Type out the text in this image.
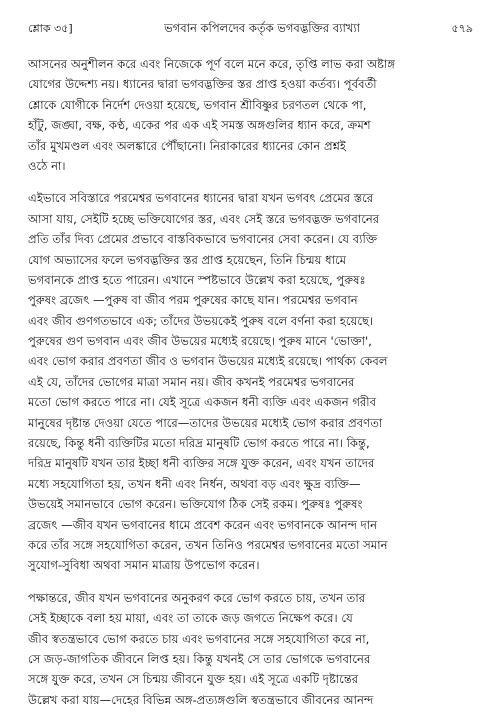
শ্লোক ৩৫]	ভগবান কপিলদেব কর্তৃক ভগবদ্ভক্তির ব্যাখ্যা	৫৭৯
আসনের অনুশীলন করে এবং নিজেকে পূর্ণ বলে মনে করে, তৃপ্তি লাভ করা অষ্টাঙ্গ
যোগের উদ্দেশ্য নয়। ধ্যানের দ্বারা ভগবদ্ভক্তির স্তর প্রাপ্ত হওয়া কর্তব্য। পূর্ববর্তী
শ্লোকে যোগীকে নির্দেশ দেওয়া হয়েছে, ভগবান শ্রীবিষ্ণুর চরণতল থেকে পা,
হাঁটু, জঙ্ঘা, বক্ষ, কণ্ঠ, একের পর এক এই সমস্ত অঙ্গগুলির ধ্যান করে, ক্রমশ
তাঁর মুখমণ্ডল এবং অলঙ্কারে পৌঁছানো। নিরাকারের ধ্যানের কোন প্রশ্নই
ওঠে না।
এইভাবে সবিস্তারে পরমেশ্বর ভগবানের ধ্যানের দ্বারা যখন ভগবৎ প্রেমের স্তরে
আসা যায়, সেইটি হচ্ছে ভক্তিযোগের স্তর, এবং সেই স্তরে ভগবদ্ভক্ত ভগবানের
প্রতি তাঁর দিব্য প্রেমের প্রভাবে বাস্তবিকভাবে ভগবানের সেবা করেন। যে ব্যক্তি
যোগ অভ্যাসের ফলে ভগবদ্ভক্তির স্তর প্রাপ্ত হয়েছেন, তিনি চিন্ময় ধামে
ভগবানকে প্রাপ্ত হতে পারেন। এখানে স্পষ্টভাবে উল্লেখ করা হয়েছে, পুরুষঃ
পুরুষং ব্রজেৎ —পুরুষ বা জীব পরম পুরুষের কাছে যান। পরমেশ্বর ভগবান
এবং জীব গুণগতভাবে এক; তাঁদের উভয়কেই পুরুষ বলে বর্ণনা করা হয়েছে।
পুরুষের গুণ ভগবান এবং জীব উভয়ের মধ্যেই রয়েছে। পুরুষ মানে 'ভোক্তা',
এবং ভোগ করার প্রবণতা জীব ও ভগবান উভয়ের মধ্যেই রয়েছে। পার্থক্য কেবল
এই যে, তাঁদের ভোগের মাত্রা সমান নয়। জীব কখনই পরমেশ্বর ভগবানের
মতো ভোগ করতে পারে না। যেই সূত্রে একজন ধনী ব্যক্তি এবং একজন গরীব
মানুষের দৃষ্টান্ত দেওয়া যেতে পারে—তাদের উভয়ের মধ্যেই ভোগ করার প্রবণতা
রয়েছে, কিন্তু ধনী ব্যক্তিটির মতো দরিদ্র মানুষটি ভোগ করতে পারে না। কিন্তু,
দরিদ্র মানুষটি যখন তার ইচ্ছা ধনী ব্যক্তির সঙ্গে যুক্ত করেন, এবং যখন তাদের
মধ্যে সহযোগিতা হয়, তখন ধনী এবং নির্ধন, অথবা বড় এবং ক্ষুদ্র ব্যক্তি—
উভয়েই সমানভাবে ভোগ করেন। ভক্তিযোগ ঠিক সেই রকম। পুরুষঃ পুরুষং
ব্রজেৎ —জীব যখন ভগবানের ধামে প্রবেশ করেন এবং ভগবানকে আনন্দ দান
করে তাঁর সঙ্গে সহযোগিতা করেন, তখন তিনিও পরমেশ্বর ভগবানের মতো সমান
সুযোগ-সুবিধা অথবা সমান মাত্রায় উপভোগ করেন।
পক্ষান্তরে, জীব যখন ভগবানের অনুকরণ করে ভোগ করতে চায়, তখন তার
সেই ইচ্ছাকে বলা হয় মায়া, এবং তা তাকে জড় জগতে নিক্ষেপ করে। যে
জীব স্বতন্ত্রভাবে ভোগ করতে চায় এবং ভগবানের সঙ্গে সহযোগিতা করে না,
সে জড়-জাগতিক জীবনে লিপ্ত হয়। কিন্তু যখনই সে তার ভোগকে ভগবানের
সঙ্গে যুক্ত করে, তখন সে চিন্ময় জীবনে যুক্ত হয়। এই সূত্রে একটি দৃষ্টান্তের
উল্লেখ করা যায়—দেহের বিভিন্ন অঙ্গ-প্রত্যঙ্গগুলি স্বতন্ত্রভাবে জীবনের আনন্দ
